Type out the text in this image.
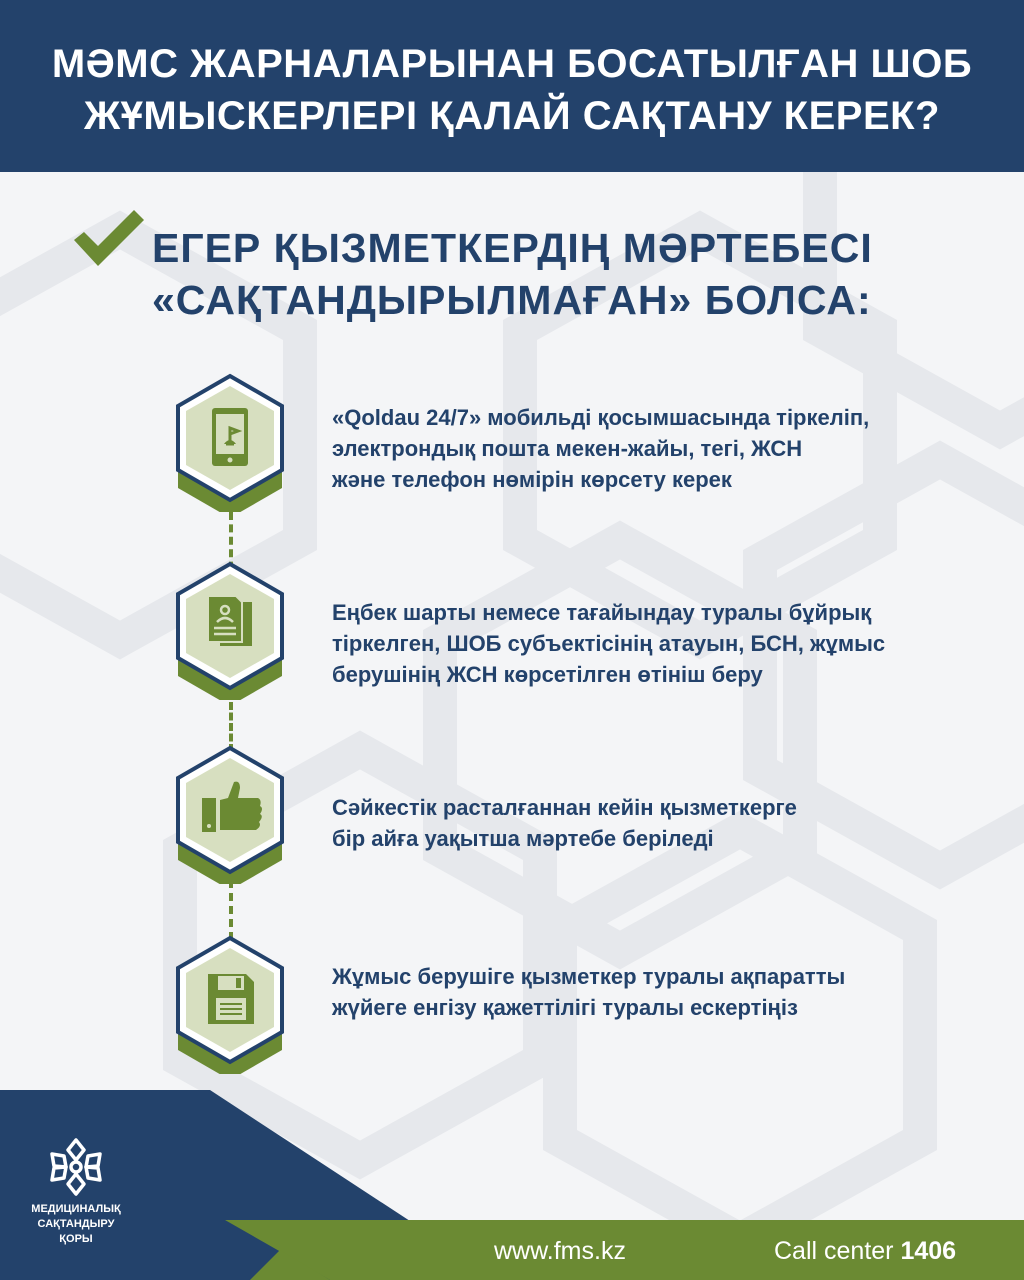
МӘМС ЖАРНАЛАРЫНАН БОСАТЫЛҒАН ШОБ
ЖҰМЫСКЕРЛЕРІ ҚАЛАЙ САҚТАНУ КЕРЕК?
ЕГЕР ҚЫЗМЕТКЕРДІҢ МӘРТЕБЕСІ
«САҚТАНДЫРЫЛМАҒАН» БОЛСА:
«Qoldau 24/7» мобильді қосымшасында тіркеліп,
электрондық пошта мекен-жайы, тегі, ЖСН
және телефон нөмірін көрсету керек
Еңбек шарты немесе тағайындау туралы бұйрық
тіркелген, ШОБ субъектісінің атауын, БСН, жұмыс
берушінің ЖСН көрсетілген өтініш беру
Сәйкестік расталғаннан кейін қызметкерге
бір айға уақытша мәртебе беріледі
Жұмыс берушіге қызметкер туралы ақпаратты
жүйеге енгізу қажеттілігі туралы ескертіңіз
МЕДИЦИНАЛЫҚ
САҚТАНДЫРУ
ҚОРЫ	www.fms.kz	Call center 1406
